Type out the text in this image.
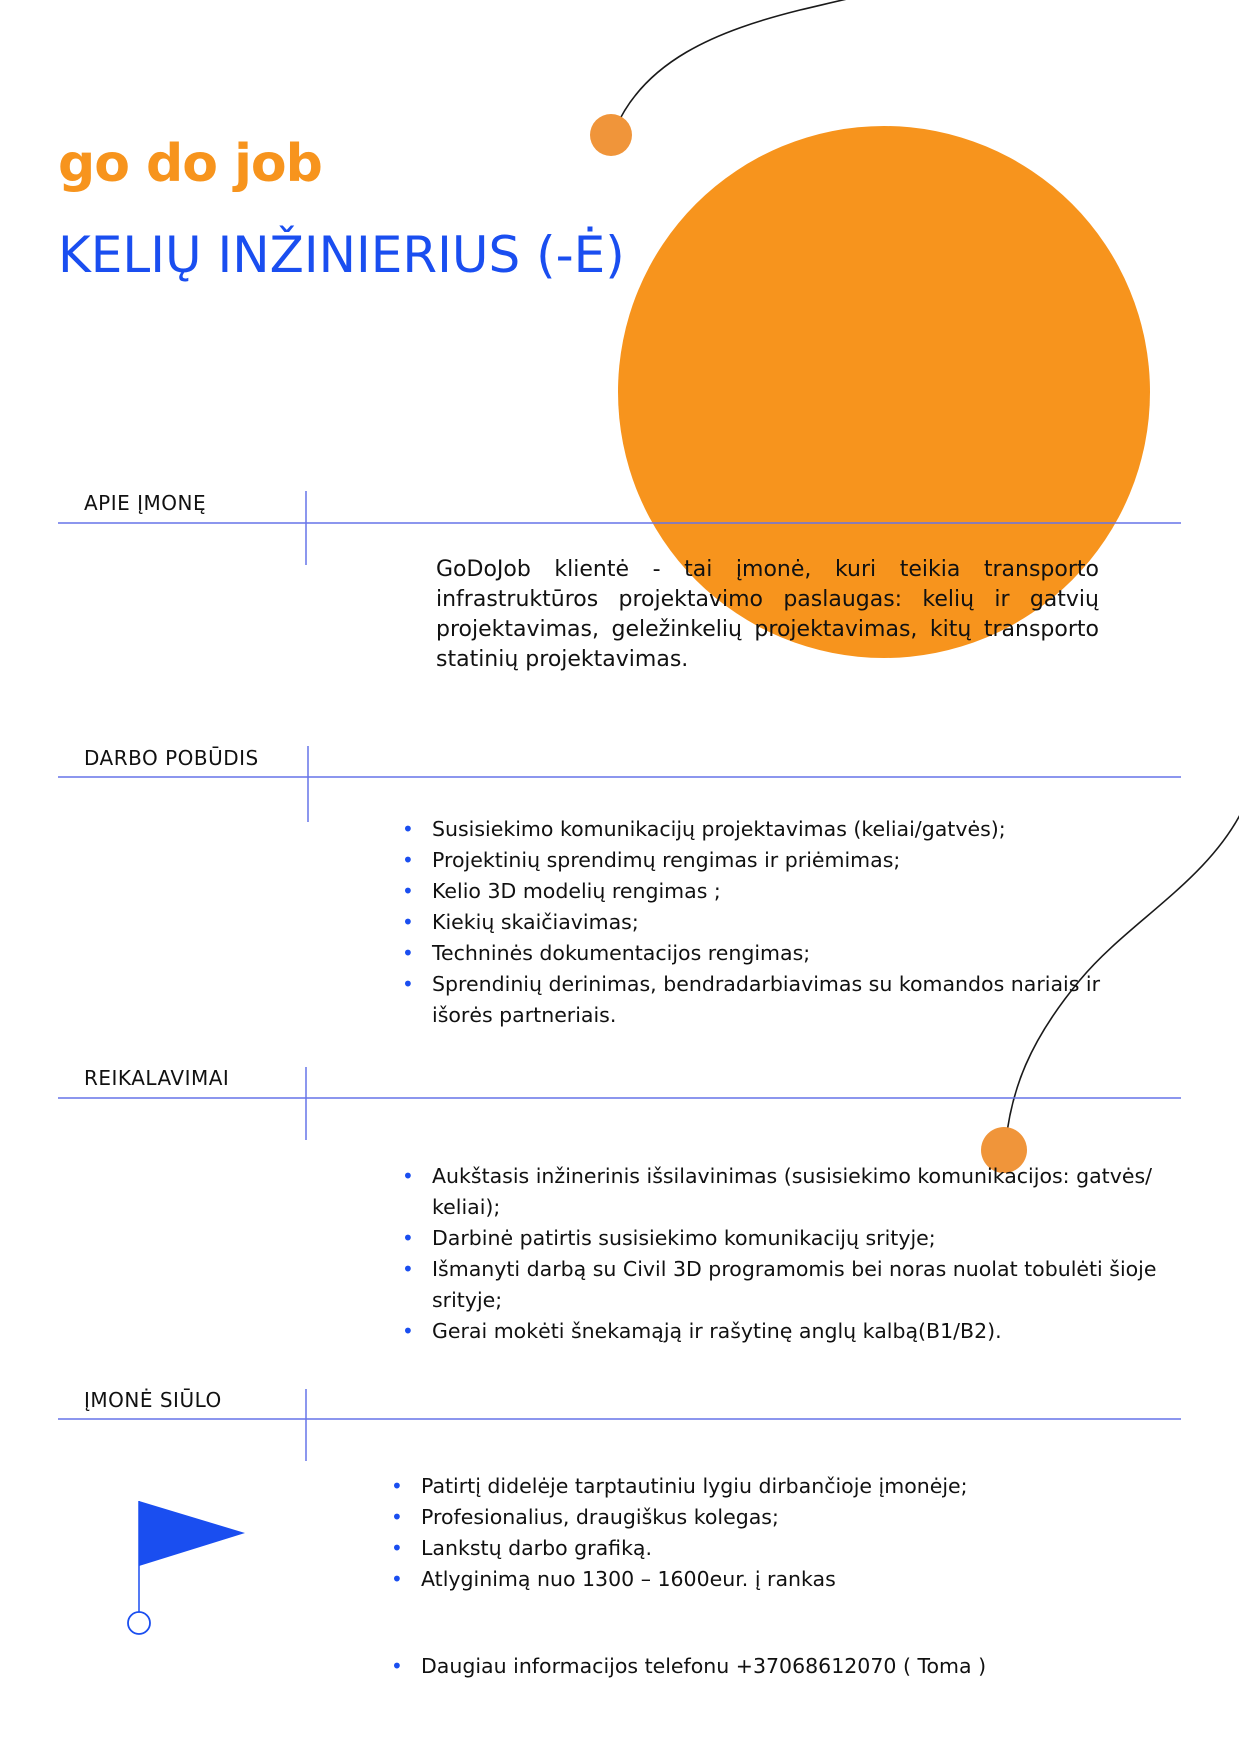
go do job
KELIŲ INŽINIERIUS (-Ė)
APIE ĮMONĘ
GoDoJob klientė - tai įmonė, kuri teikia transporto infrastruktūros projektavimo paslaugas: kelių ir gatvių projektavimas, geležinkelių projektavimas, kitų transporto statinių projektavimas.
DARBO POBŪDIS
• Susisiekimo komunikacijų projektavimas (keliai/gatvės);
• Projektinių sprendimų rengimas ir priėmimas;
• Kelio 3D modelių rengimas ;
• Kiekių skaičiavimas;
• Techninės dokumentacijos rengimas;
• Sprendinių derinimas, bendradarbiavimas su komandos nariais ir išorės partneriais.
REIKALAVIMAI
• Aukštasis inžinerinis išsilavinimas (susisiekimo komunikacijos: gatvės/ keliai);
• Darbinė patirtis susisiekimo komunikacijų srityje;
• Išmanyti darbą su Civil 3D programomis bei noras nuolat tobulėti šioje srityje;
• Gerai mokėti šnekamąją ir rašytinę anglų kalbą(B1/B2).
ĮMONĖ SIŪLO
• Patirtį didelėje tarptautiniu lygiu dirbančioje įmonėje;
• Profesionalius, draugiškus kolegas;
• Lankstų darbo grafiką.
• Atlyginimą nuo 1300 – 1600eur. į rankas
• Daugiau informacijos telefonu +37068612070 ( Toma )
